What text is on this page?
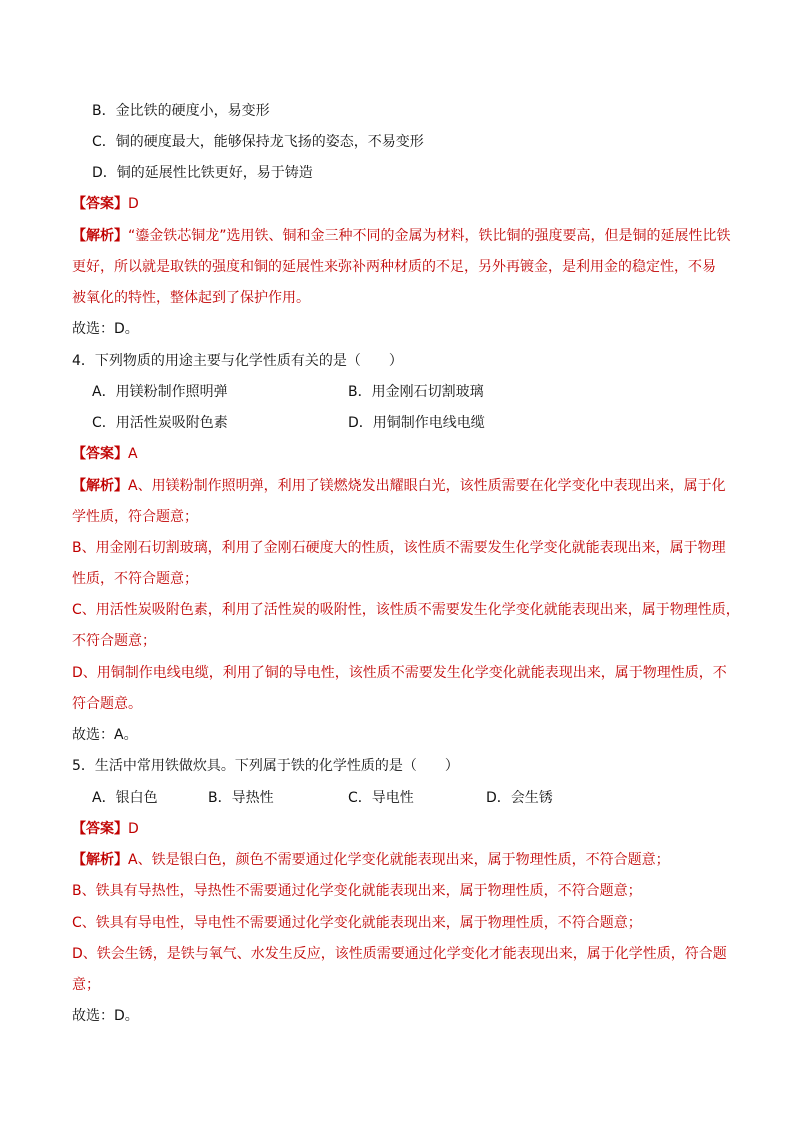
B．金比铁的硬度小，易变形
C．铜的硬度最大，能够保持龙飞扬的姿态，不易变形
D．铜的延展性比铁更好，易于铸造
【答案】D
【解析】“鎏金铁芯铜龙”选用铁、铜和金三种不同的金属为材料，铁比铜的强度要高，但是铜的延展性比铁
更好，所以就是取铁的强度和铜的延展性来弥补两种材质的不足，另外再镀金，是利用金的稳定性，不易
被氧化的特性，整体起到了保护作用。
故选：D。
4．下列物质的用途主要与化学性质有关的是（　　）
A．用镁粉制作照明弹	B．用金刚石切割玻璃
C．用活性炭吸附色素	D．用铜制作电线电缆
【答案】A
【解析】A、用镁粉制作照明弹，利用了镁燃烧发出耀眼白光，该性质需要在化学变化中表现出来，属于化
学性质，符合题意；
B、用金刚石切割玻璃，利用了金刚石硬度大的性质，该性质不需要发生化学变化就能表现出来，属于物理
性质，不符合题意；
C、用活性炭吸附色素，利用了活性炭的吸附性，该性质不需要发生化学变化就能表现出来，属于物理性质，
不符合题意；
D、用铜制作电线电缆，利用了铜的导电性，该性质不需要发生化学变化就能表现出来，属于物理性质，不
符合题意。
故选：A。
5．生活中常用铁做炊具。下列属于铁的化学性质的是（　　）
A．银白色	B．导热性	C．导电性	D．会生锈
【答案】D
【解析】A、铁是银白色，颜色不需要通过化学变化就能表现出来，属于物理性质，不符合题意；
B、铁具有导热性，导热性不需要通过化学变化就能表现出来，属于物理性质，不符合题意；
C、铁具有导电性，导电性不需要通过化学变化就能表现出来，属于物理性质，不符合题意；
D、铁会生锈，是铁与氧气、水发生反应，该性质需要通过化学变化才能表现出来，属于化学性质，符合题
意；
故选：D。
